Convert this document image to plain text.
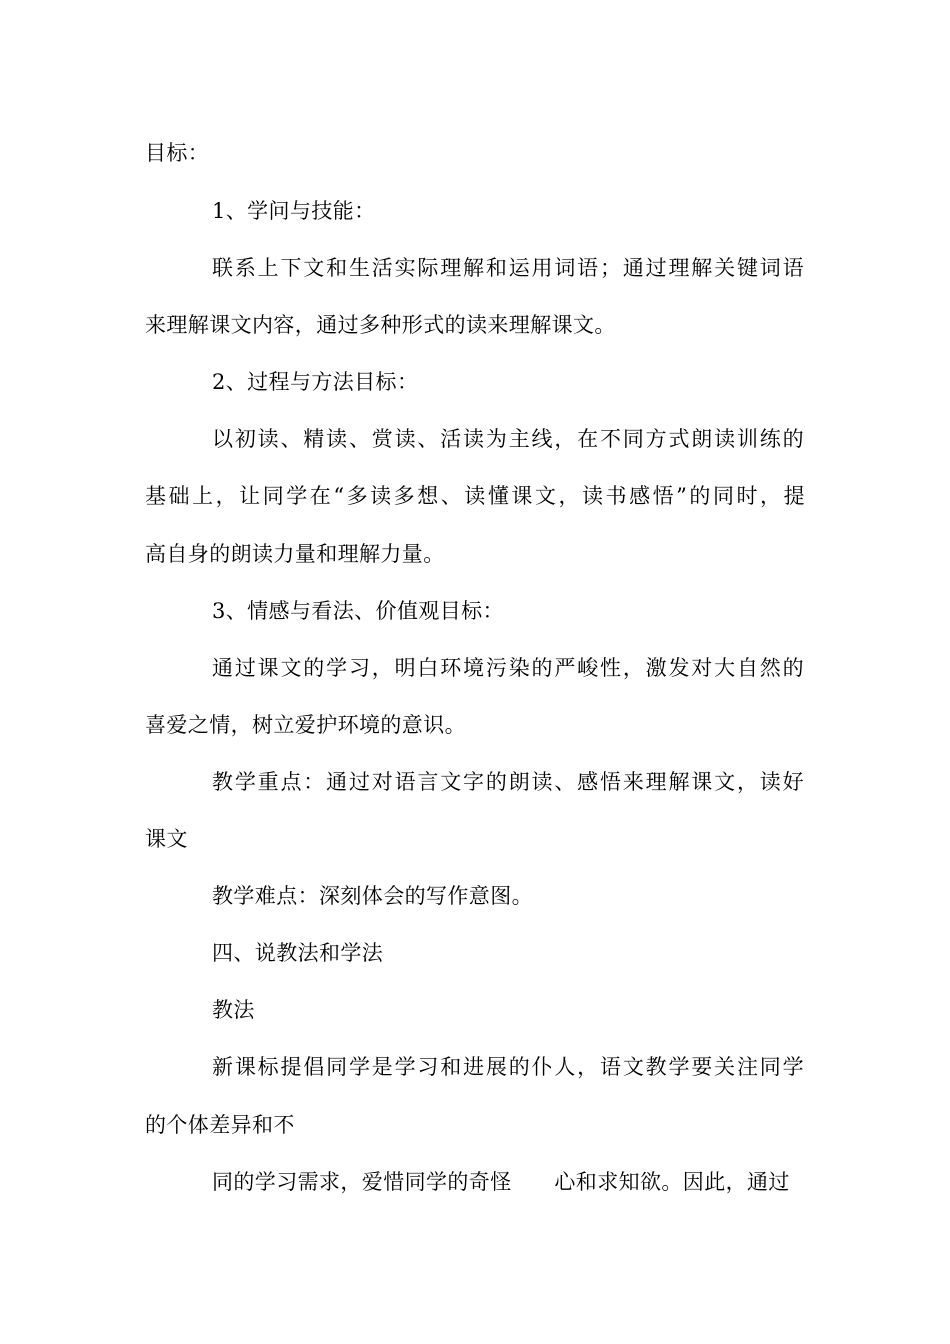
目标：

1、学问与技能：

联系上下文和生活实际理解和运用词语；通过理解关键词语

来理解课文内容，通过多种形式的读来理解课文。

2、过程与方法目标：

以初读、精读、赏读、活读为主线，在不同方式朗读训练的

基础上，让同学在“多读多想、读懂课文，读书感悟”的同时，提

高自身的朗读力量和理解力量。

3、情感与看法、价值观目标：

通过课文的学习，明白环境污染的严峻性，激发对大自然的

喜爱之情，树立爱护环境的意识。

教学重点：通过对语言文字的朗读、感悟来理解课文，读好

课文

教学难点：深刻体会的写作意图。

四、说教法和学法

教法

新课标提倡同学是学习和进展的仆人，语文教学要关注同学

的个体差异和不

同的学习需求，爱惜同学的奇怪　　心和求知欲。因此，通过
